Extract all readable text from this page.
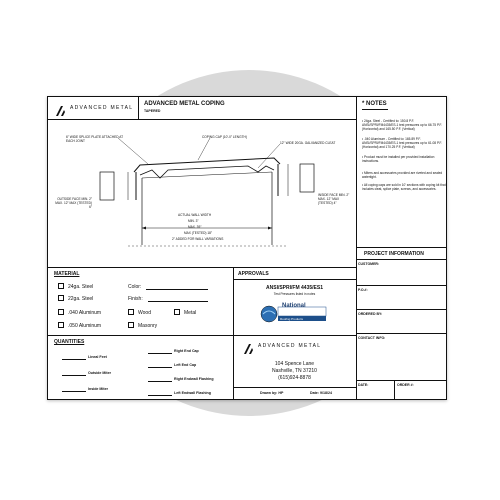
ADVANCED METAL
ADVANCED METAL COPING
TAPERED
6" WIDE SPLICE PLATE ATTACHED AT EACH JOINT
COPING CAP (10'-0" LENGTH)
12" WIDE 20GA. GALVANIZED CLEAT
OUTSIDE FACE MIN. 2" MAX. 12" MAX (TESTED) 6"
INSIDE FACE MIN. 2" MAX. 12" MAX (TESTED) 4"
ACTUAL WALL WIDTH
MIN. 3"
MAX. 39"
MAX (TESTED) 18"
2" ADDED FOR WALL VARIATIONS
* NOTES
• 24ga. Steel - Certified to: 150.8 P.F. ANSI/SPRI/FM4435/ES-1 test pressures up to 66.75 P.F. (Horizontal) and 165.50 P.F. (Vertical)
• .040 Aluminum - Certified to: 165.89 P.F. ANSI/SPRI/FM4435/ES-1 test pressures up to 61.08 P.F. (Horizontal) and 170.25 P.F. (Vertical)
• Product must be installed per provided installation instructions.
• Miters and accessories provided are riveted and sealed watertight.
• All coping caps are sold in 10' sections with coping kit that includes cleat, splice plate, screws, and accessories.
PROJECT INFORMATION
CUSTOMER:
P.O.#:
ORDERED BY:
CONTACT INFO:
DATE:	ORDER #:
MATERIAL
24ga. Steel
22ga. Steel
.040 Aluminum
.050 Aluminum
Color:
Finish:
Wood	Metal
Masonry
APPROVALS
ANSI/SPRI/FM 4435/ES1
Test Pressures listed in notes
National
Roofing Products
QUANTITIES
Lineal Feet
Outside Miter
Inside Miter
Right End Cap
Left End Cap
Right Endwall Flashing
Left Endwall Flashing
ADVANCED METAL
104 Spence Lane
Nashville, TN 37210
(615)924-8878
Drawn by: HP	Date: 9/18/24
